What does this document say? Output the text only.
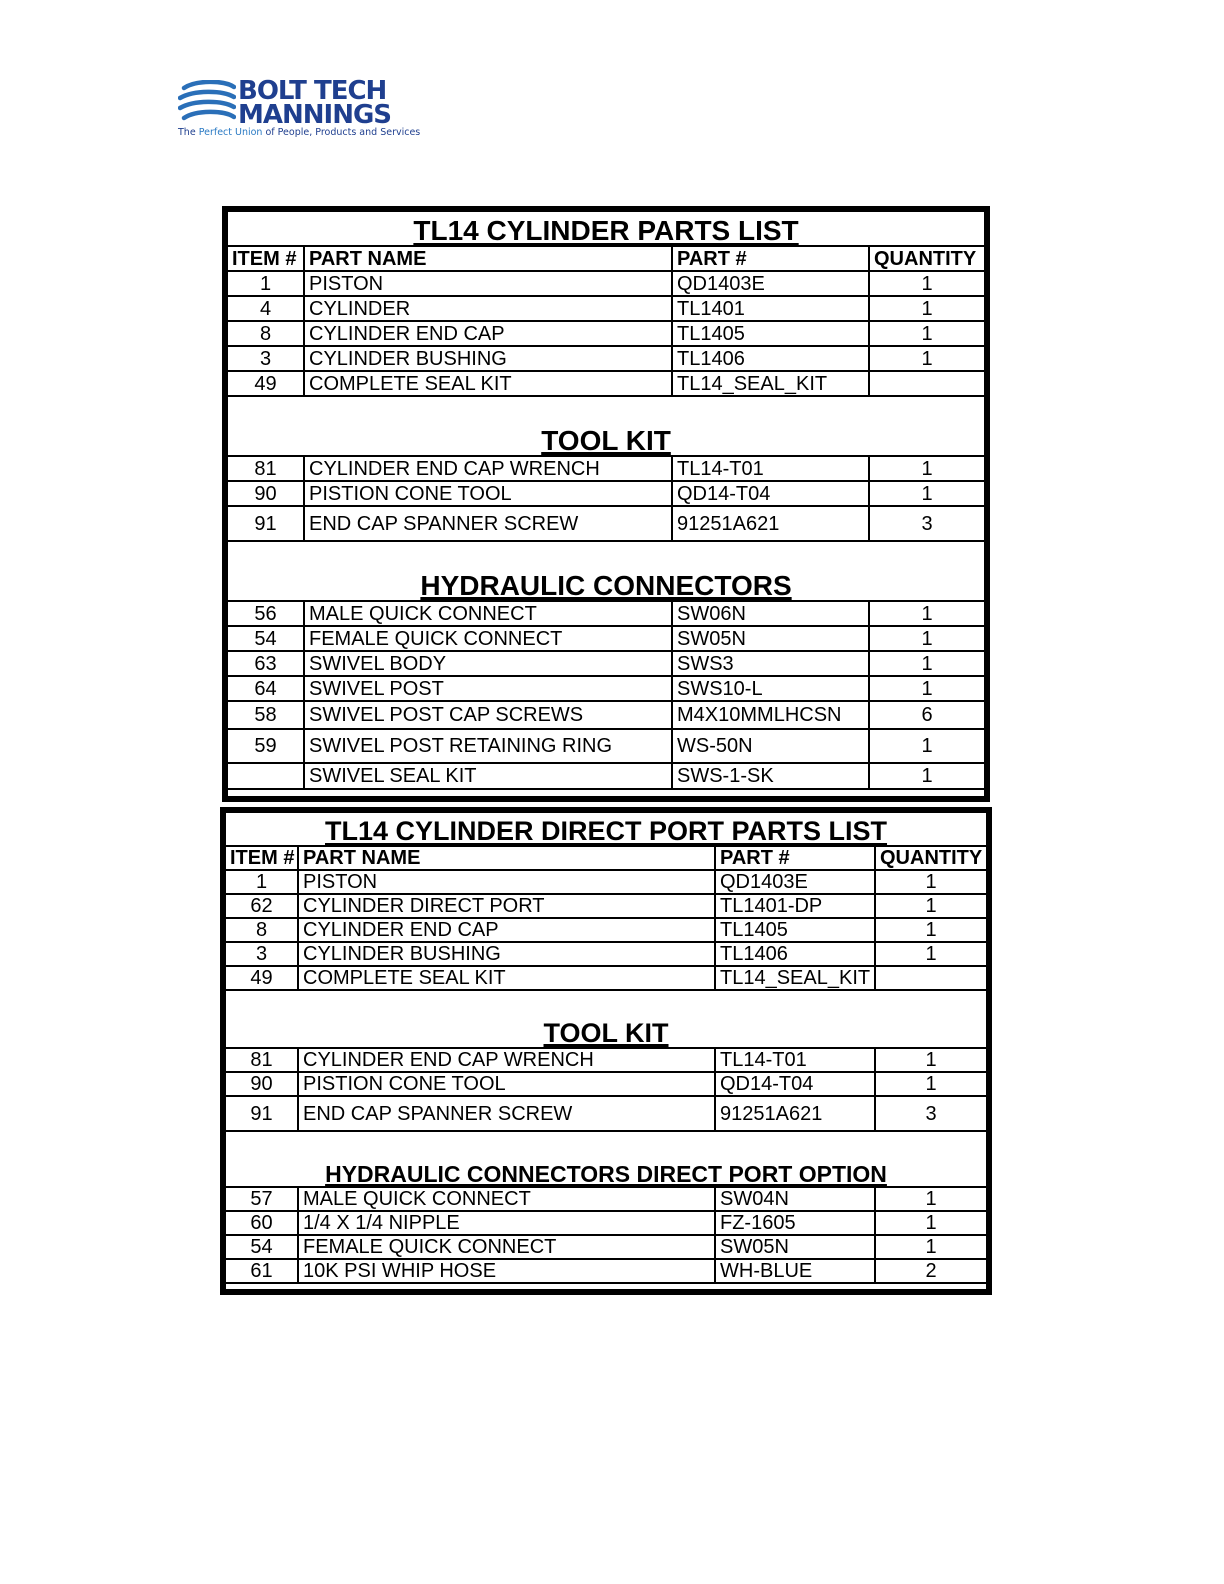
BOLT TECH
MANNINGS
The Perfect Union of People, Products and Services
TL14 CYLINDER PARTS LIST			
ITEM #	PART NAME	PART #	QUANTITY
1	PISTON	QD1403E	1
4	CYLINDER	TL1401	1
8	CYLINDER END CAP	TL1405	1
3	CYLINDER BUSHING	TL1406	1
49	COMPLETE SEAL KIT	TL14_SEAL_KIT	
TOOL KIT			
81	CYLINDER END CAP WRENCH	TL14-T01	1
90	PISTION CONE TOOL	QD14-T04	1
91	END CAP SPANNER SCREW	91251A621	3
HYDRAULIC CONNECTORS			
56	MALE QUICK CONNECT	SW06N	1
54	FEMALE QUICK CONNECT	SW05N	1
63	SWIVEL BODY	SWS3	1
64	SWIVEL POST	SWS10-L	1
58	SWIVEL POST CAP SCREWS	M4X10MMLHCSN	6
59	SWIVEL POST RETAINING RING	WS-50N	1
	SWIVEL SEAL KIT	SWS-1-SK	1
TL14 CYLINDER DIRECT PORT PARTS LIST			
ITEM #	PART NAME	PART #	QUANTITY
1	PISTON	QD1403E	1
62	CYLINDER DIRECT PORT	TL1401-DP	1
8	CYLINDER END CAP	TL1405	1
3	CYLINDER BUSHING	TL1406	1
49	COMPLETE SEAL KIT	TL14_SEAL_KIT	
TOOL KIT			
81	CYLINDER END CAP WRENCH	TL14-T01	1
90	PISTION CONE TOOL	QD14-T04	1
91	END CAP SPANNER SCREW	91251A621	3
HYDRAULIC CONNECTORS DIRECT PORT OPTION			
57	MALE QUICK CONNECT	SW04N	1
60	1/4 X 1/4 NIPPLE	FZ-1605	1
54	FEMALE QUICK CONNECT	SW05N	1
61	10K PSI WHIP HOSE	WH-BLUE	2
